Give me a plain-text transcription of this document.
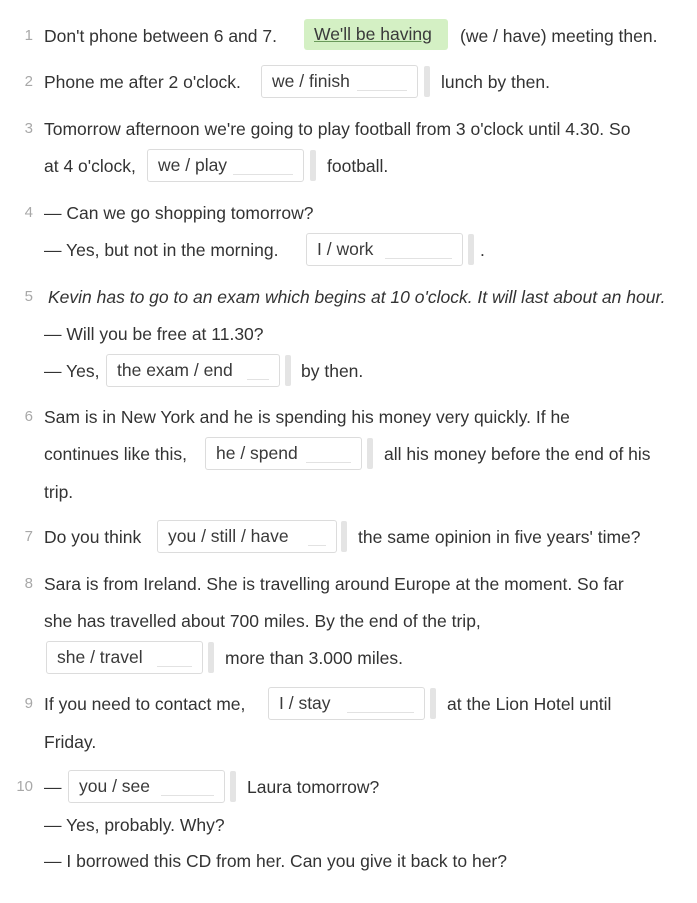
1 Don't phone between 6 and 7.	We'll be having	(we / have) meeting then.
2 Phone me after 2 o'clock.	we / finish	lunch by then.
3 Tomorrow afternoon we're going to play football from 3 o'clock until 4.30. So
at 4 o'clock,	we / play	football.
4 — Can we go shopping tomorrow?
— Yes, but not in the morning.	I / work	.
5 Kevin has to go to an exam which begins at 10 o'clock. It will last about an hour.
— Will you be free at 11.30?
— Yes,	the exam / end	by then.
6 Sam is in New York and he is spending his money very quickly. If he
continues like this,	he / spend	all his money before the end of his
trip.
7 Do you think	you / still / have	the same opinion in five years' time?
8 Sara is from Ireland. She is travelling around Europe at the moment. So far
she has travelled about 700 miles. By the end of the trip,
she / travel	more than 3.000 miles.
9 If you need to contact me,	I / stay	at the Lion Hotel until
Friday.
10 —	you / see	Laura tomorrow?
— Yes, probably. Why?
— I borrowed this CD from her. Can you give it back to her?
